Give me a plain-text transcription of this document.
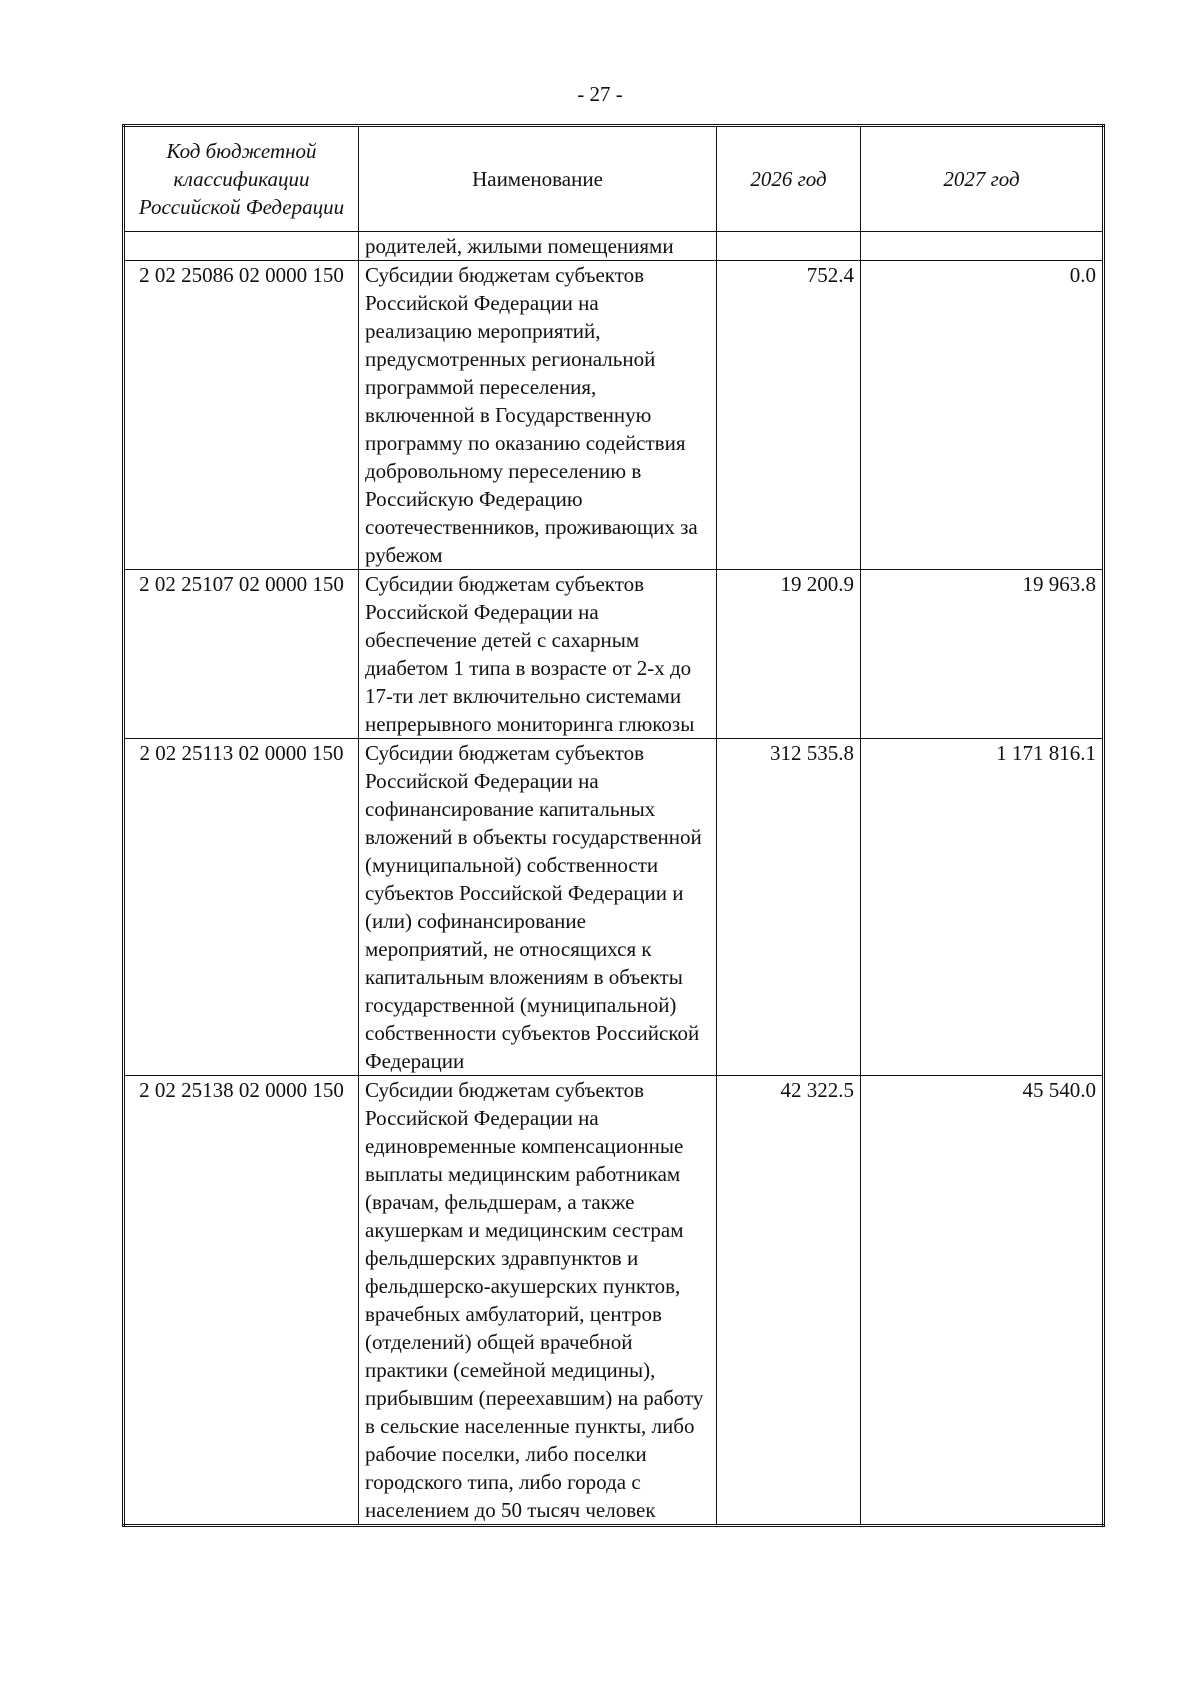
- 27 -
Код бюджетной классификации Российской Федерации	Наименование	2026 год	2027 год
	родителей, жилыми помещениями		
2 02 25086 02 0000 150	Субсидии бюджетам субъектов Российской Федерации на реализацию мероприятий, предусмотренных региональной программой переселения, включенной в Государственную программу по оказанию содействия добровольному переселению в Российскую Федерацию соотечественников, проживающих за рубежом	752.4	0.0
2 02 25107 02 0000 150	Субсидии бюджетам субъектов Российской Федерации на обеспечение детей с сахарным диабетом 1 типа в возрасте от 2-х до 17-ти лет включительно системами непрерывного мониторинга глюкозы	19 200.9	19 963.8
2 02 25113 02 0000 150	Субсидии бюджетам субъектов Российской Федерации на софинансирование капитальных вложений в объекты государственной (муниципальной) собственности субъектов Российской Федерации и (или) софинансирование мероприятий, не относящихся к капитальным вложениям в объекты государственной (муниципальной) собственности субъектов Российской Федерации	312 535.8	1 171 816.1
2 02 25138 02 0000 150	Субсидии бюджетам субъектов Российской Федерации на единовременные компенсационные выплаты медицинским работникам (врачам, фельдшерам, а также акушеркам и медицинским сестрам фельдшерских здравпунктов и фельдшерско-акушерских пунктов, врачебных амбулаторий, центров (отделений) общей врачебной практики (семейной медицины), прибывшим (переехавшим) на работу в сельские населенные пункты, либо рабочие поселки, либо поселки городского типа, либо города с населением до 50 тысяч человек	42 322.5	45 540.0
